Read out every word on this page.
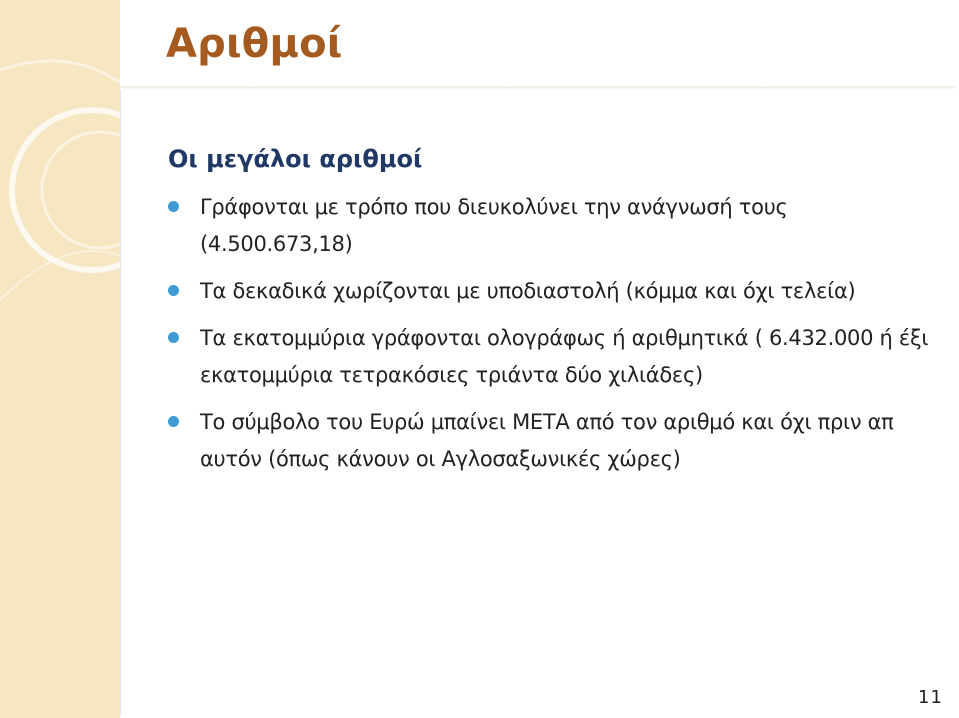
Αριθμοί
Οι μεγάλοι αριθμοί
Γράφονται με τρόπο που διευκολύνει την ανάγνωσή τους (4.500.673,18)
Τα δεκαδικά χωρίζονται με υποδιαστολή (κόμμα και όχι τελεία)
Τα εκατομμύρια γράφονται ολογράφως ή αριθμητικά ( 6.432.000 ή έξι εκατομμύρια τετρακόσιες τριάντα δύο χιλιάδες)
Το σύμβολο του Ευρώ μπαίνει ΜΕΤΑ από τον αριθμό και όχι πριν απ αυτόν (όπως κάνουν οι Αγλοσαξωνικές χώρες)
11
